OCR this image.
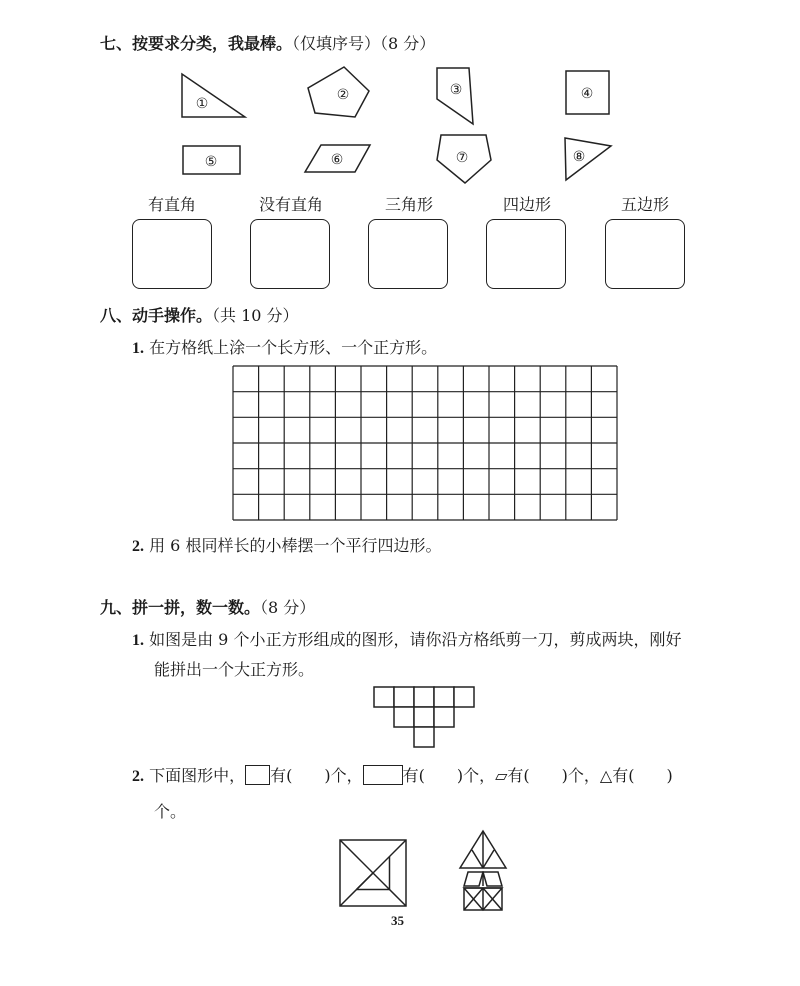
七、按要求分类，我最棒。（仅填序号）（8 分）
①
②	③	④
⑤	⑥	⑦	⑧
有直角	没有直角	三角形	四边形	五边形
八、动手操作。（共 10 分）
1. 在方格纸上涂一个长方形、一个正方形。
2. 用 6 根同样长的小棒摆一个平行四边形。
九、拼一拼，数一数。（8 分）
1. 如图是由 9 个小正方形组成的图形，请你沿方格纸剪一刀，剪成两块，刚好
能拼出一个大正方形。
2. 下面图形中， 有(　　)个，	有(　　)个，▱有(　　)个，△有(　　)
个。
35
